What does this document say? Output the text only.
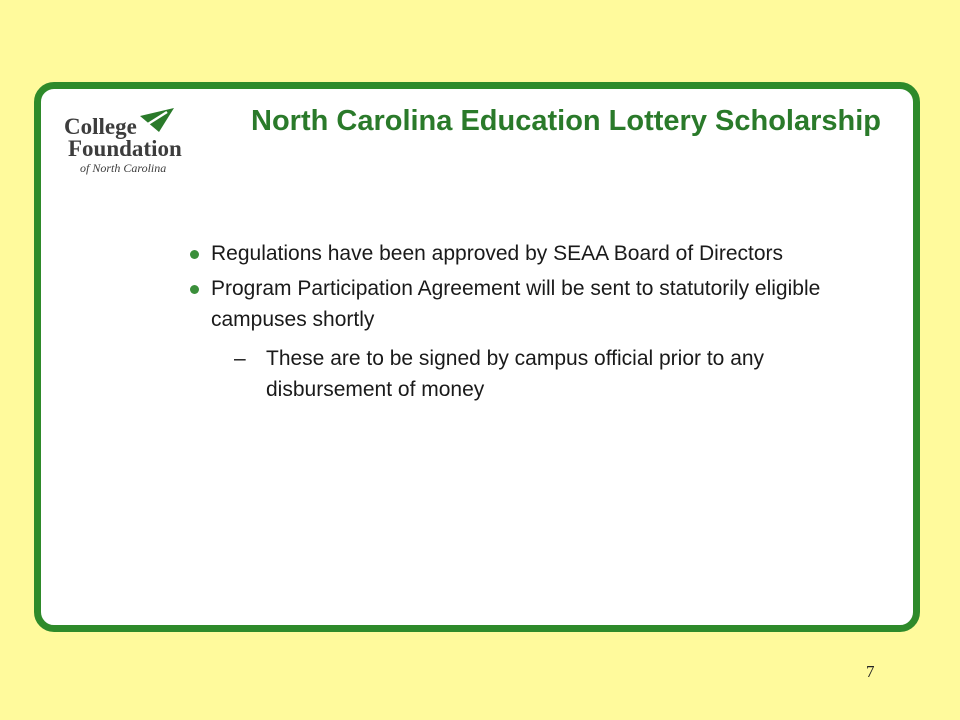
College
Foundation
of North Carolina
North Carolina Education Lottery Scholarship
Regulations have been approved by SEAA Board of Directors
Program Participation Agreement will be sent to statutorily eligible campuses shortly
– These are to be signed by campus official prior to any disbursement of money
7
